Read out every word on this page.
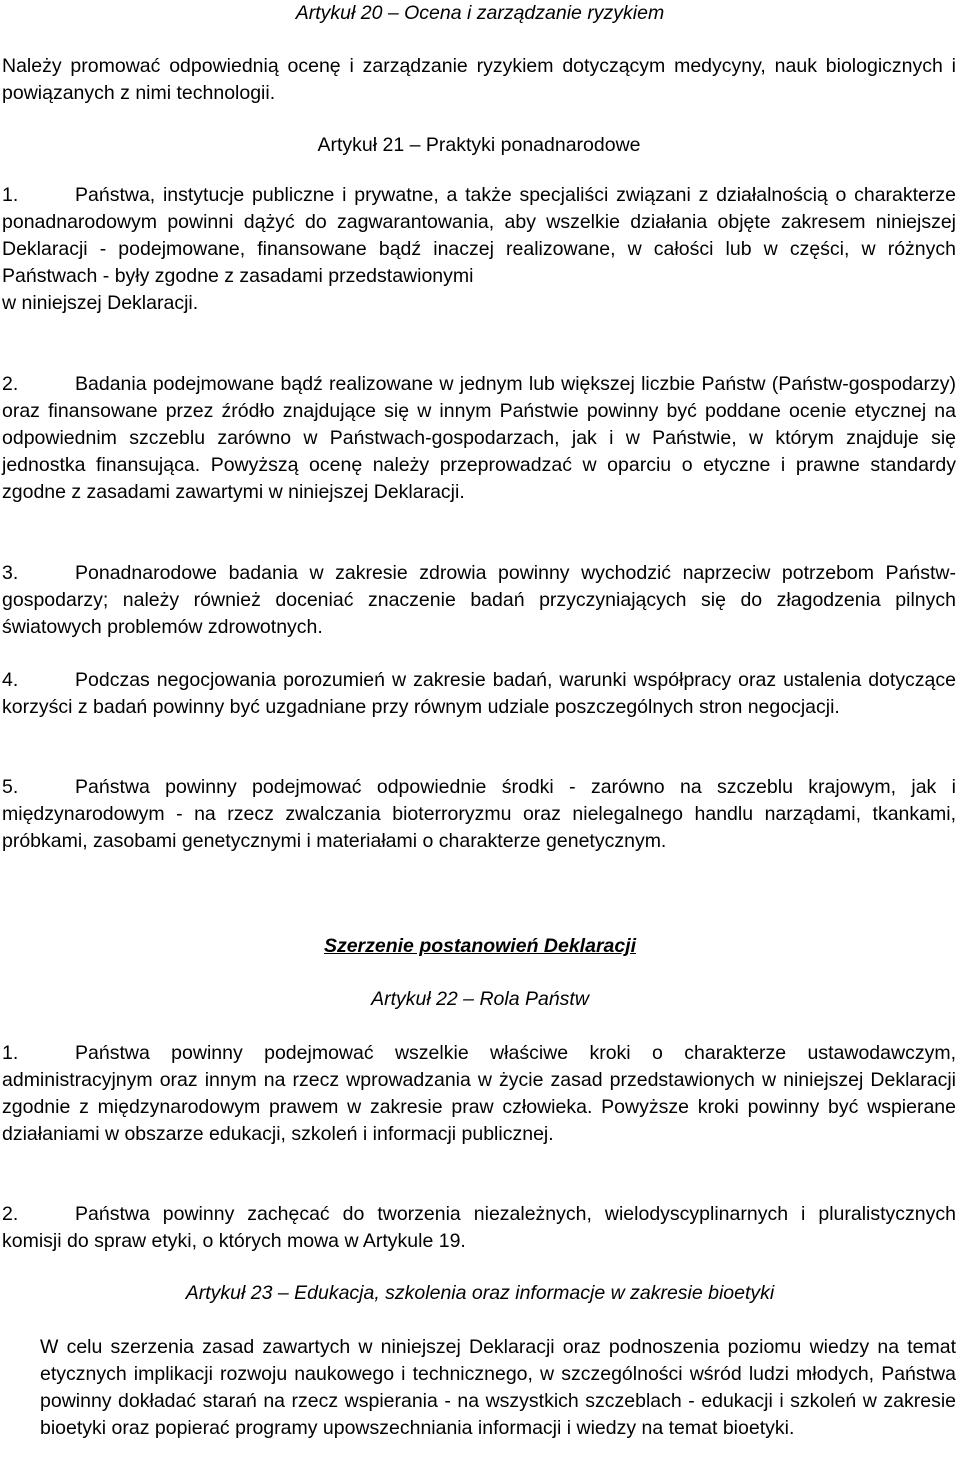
Artykuł 20 – Ocena i zarządzanie ryzykiem

Należy promować odpowiednią ocenę i zarządzanie ryzykiem dotyczącym medycyny, nauk biologicznych i powiązanych z nimi technologii.

Artykuł 21 – Praktyki ponadnarodowe

1.	Państwa, instytucje publiczne i prywatne, a także specjaliści związani z działalnością o charakterze ponadnarodowym powinni dążyć do zagwarantowania, aby wszelkie działania objęte zakresem niniejszej Deklaracji - podejmowane, finansowane bądź inaczej realizowane, w całości lub w części, w różnych Państwach - były zgodne z zasadami przedstawionymi
w niniejszej Deklaracji.

2.	Badania podejmowane bądź realizowane w jednym lub większej liczbie Państw (Państw-gospodarzy) oraz finansowane przez źródło znajdujące się w innym Państwie powinny być poddane ocenie etycznej na odpowiednim szczeblu zarówno w Państwach-gospodarzach, jak i w Państwie, w którym znajduje się jednostka finansująca. Powyższą ocenę należy przeprowadzać w oparciu o etyczne i prawne standardy zgodne z zasadami zawartymi w niniejszej Deklaracji.

3.	Ponadnarodowe badania w zakresie zdrowia powinny wychodzić naprzeciw potrzebom Państw-gospodarzy; należy również doceniać znaczenie badań przyczyniających się do złagodzenia pilnych światowych problemów zdrowotnych.

4.	Podczas negocjowania porozumień w zakresie badań, warunki współpracy oraz ustalenia dotyczące korzyści z badań powinny być uzgadniane przy równym udziale poszczególnych stron negocjacji.

5.	Państwa powinny podejmować odpowiednie środki - zarówno na szczeblu krajowym, jak i międzynarodowym - na rzecz zwalczania bioterroryzmu oraz nielegalnego handlu narządami, tkankami, próbkami, zasobami genetycznymi i materiałami o charakterze genetycznym.

Szerzenie postanowień Deklaracji
Artykuł 22 – Rola Państw

1.	Państwa powinny podejmować wszelkie właściwe kroki o charakterze ustawodawczym, administracyjnym oraz innym na rzecz wprowadzania w życie zasad przedstawionych w niniejszej Deklaracji zgodnie z międzynarodowym prawem w zakresie praw człowieka. Powyższe kroki powinny być wspierane działaniami w obszarze edukacji, szkoleń i informacji publicznej.

2.	Państwa powinny zachęcać do tworzenia niezależnych, wielodyscyplinarnych i pluralistycznych komisji do spraw etyki, o których mowa w Artykule 19.

Artykuł 23 – Edukacja, szkolenia oraz informacje w zakresie bioetyki

W celu szerzenia zasad zawartych w niniejszej Deklaracji oraz podnoszenia poziomu wiedzy na temat etycznych implikacji rozwoju naukowego i technicznego, w szczególności wśród ludzi młodych, Państwa powinny dokładać starań na rzecz wspierania - na wszystkich szczeblach - edukacji i szkoleń w zakresie bioetyki oraz popierać programy upowszechniania informacji i wiedzy na temat bioetyki.
